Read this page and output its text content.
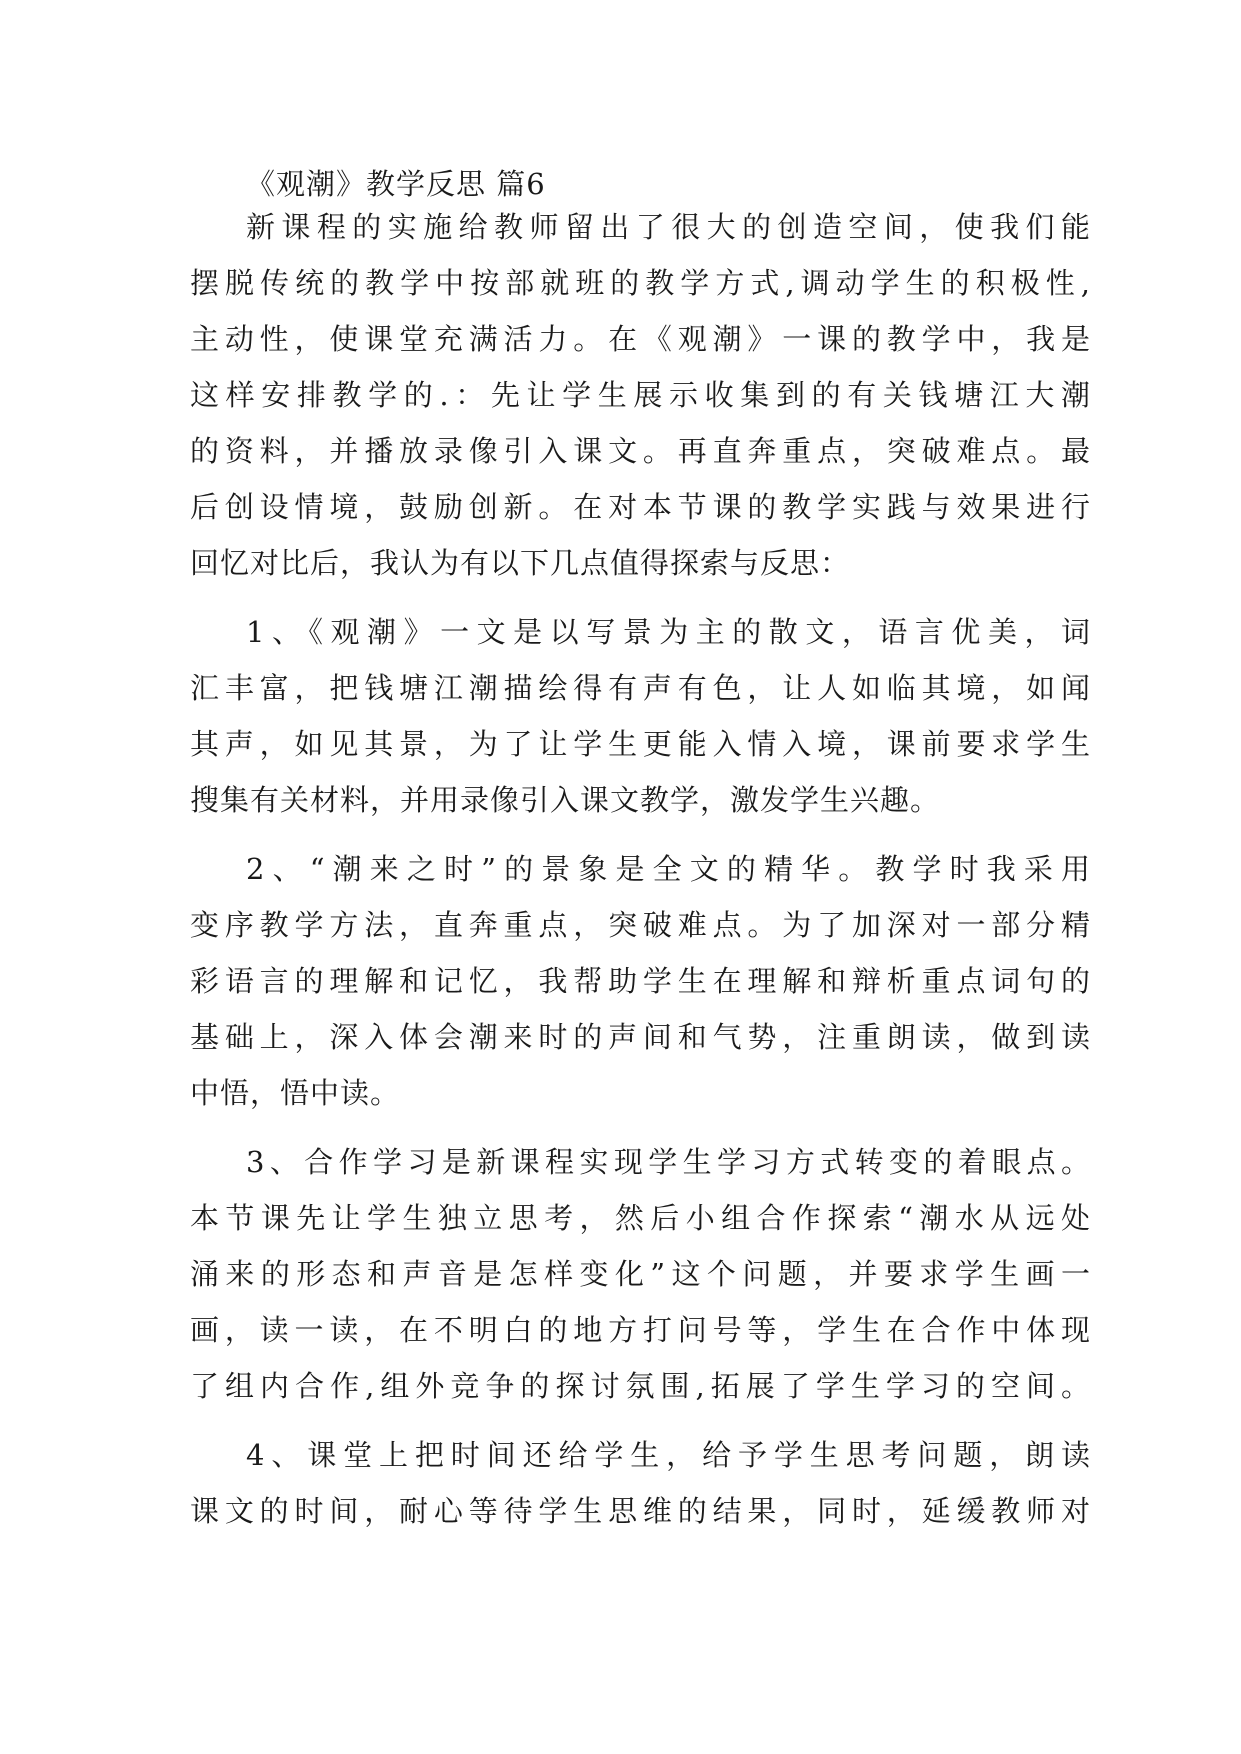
《观潮》教学反思 篇6
新课程的实施给教师留出了很大的创造空间，使我们能
摆脱传统的教学中按部就班的教学方式,调动学生的积极性,
主动性，使课堂充满活力。在《观潮》一课的教学中，我是
这样安排教学的.：先让学生展示收集到的有关钱塘江大潮
的资料，并播放录像引入课文。再直奔重点，突破难点。最
后创设情境，鼓励创新。在对本节课的教学实践与效果进行
回忆对比后，我认为有以下几点值得探索与反思：
1、《观潮》一文是以写景为主的散文，语言优美，词
汇丰富，把钱塘江潮描绘得有声有色，让人如临其境，如闻
其声，如见其景，为了让学生更能入情入境，课前要求学生
搜集有关材料，并用录像引入课文教学，激发学生兴趣。
2、“潮来之时”的景象是全文的精华。教学时我采用
变序教学方法，直奔重点，突破难点。为了加深对一部分精
彩语言的理解和记忆，我帮助学生在理解和辩析重点词句的
基础上，深入体会潮来时的声间和气势，注重朗读，做到读
中悟，悟中读。
3、合作学习是新课程实现学生学习方式转变的着眼点。
本节课先让学生独立思考，然后小组合作探索“潮水从远处
涌来的形态和声音是怎样变化”这个问题，并要求学生画一
画，读一读，在不明白的地方打问号等，学生在合作中体现
了组内合作,组外竞争的探讨氛围,拓展了学生学习的空间。
4、课堂上把时间还给学生，给予学生思考问题，朗读
课文的时间，耐心等待学生思维的结果，同时，延缓教师对
